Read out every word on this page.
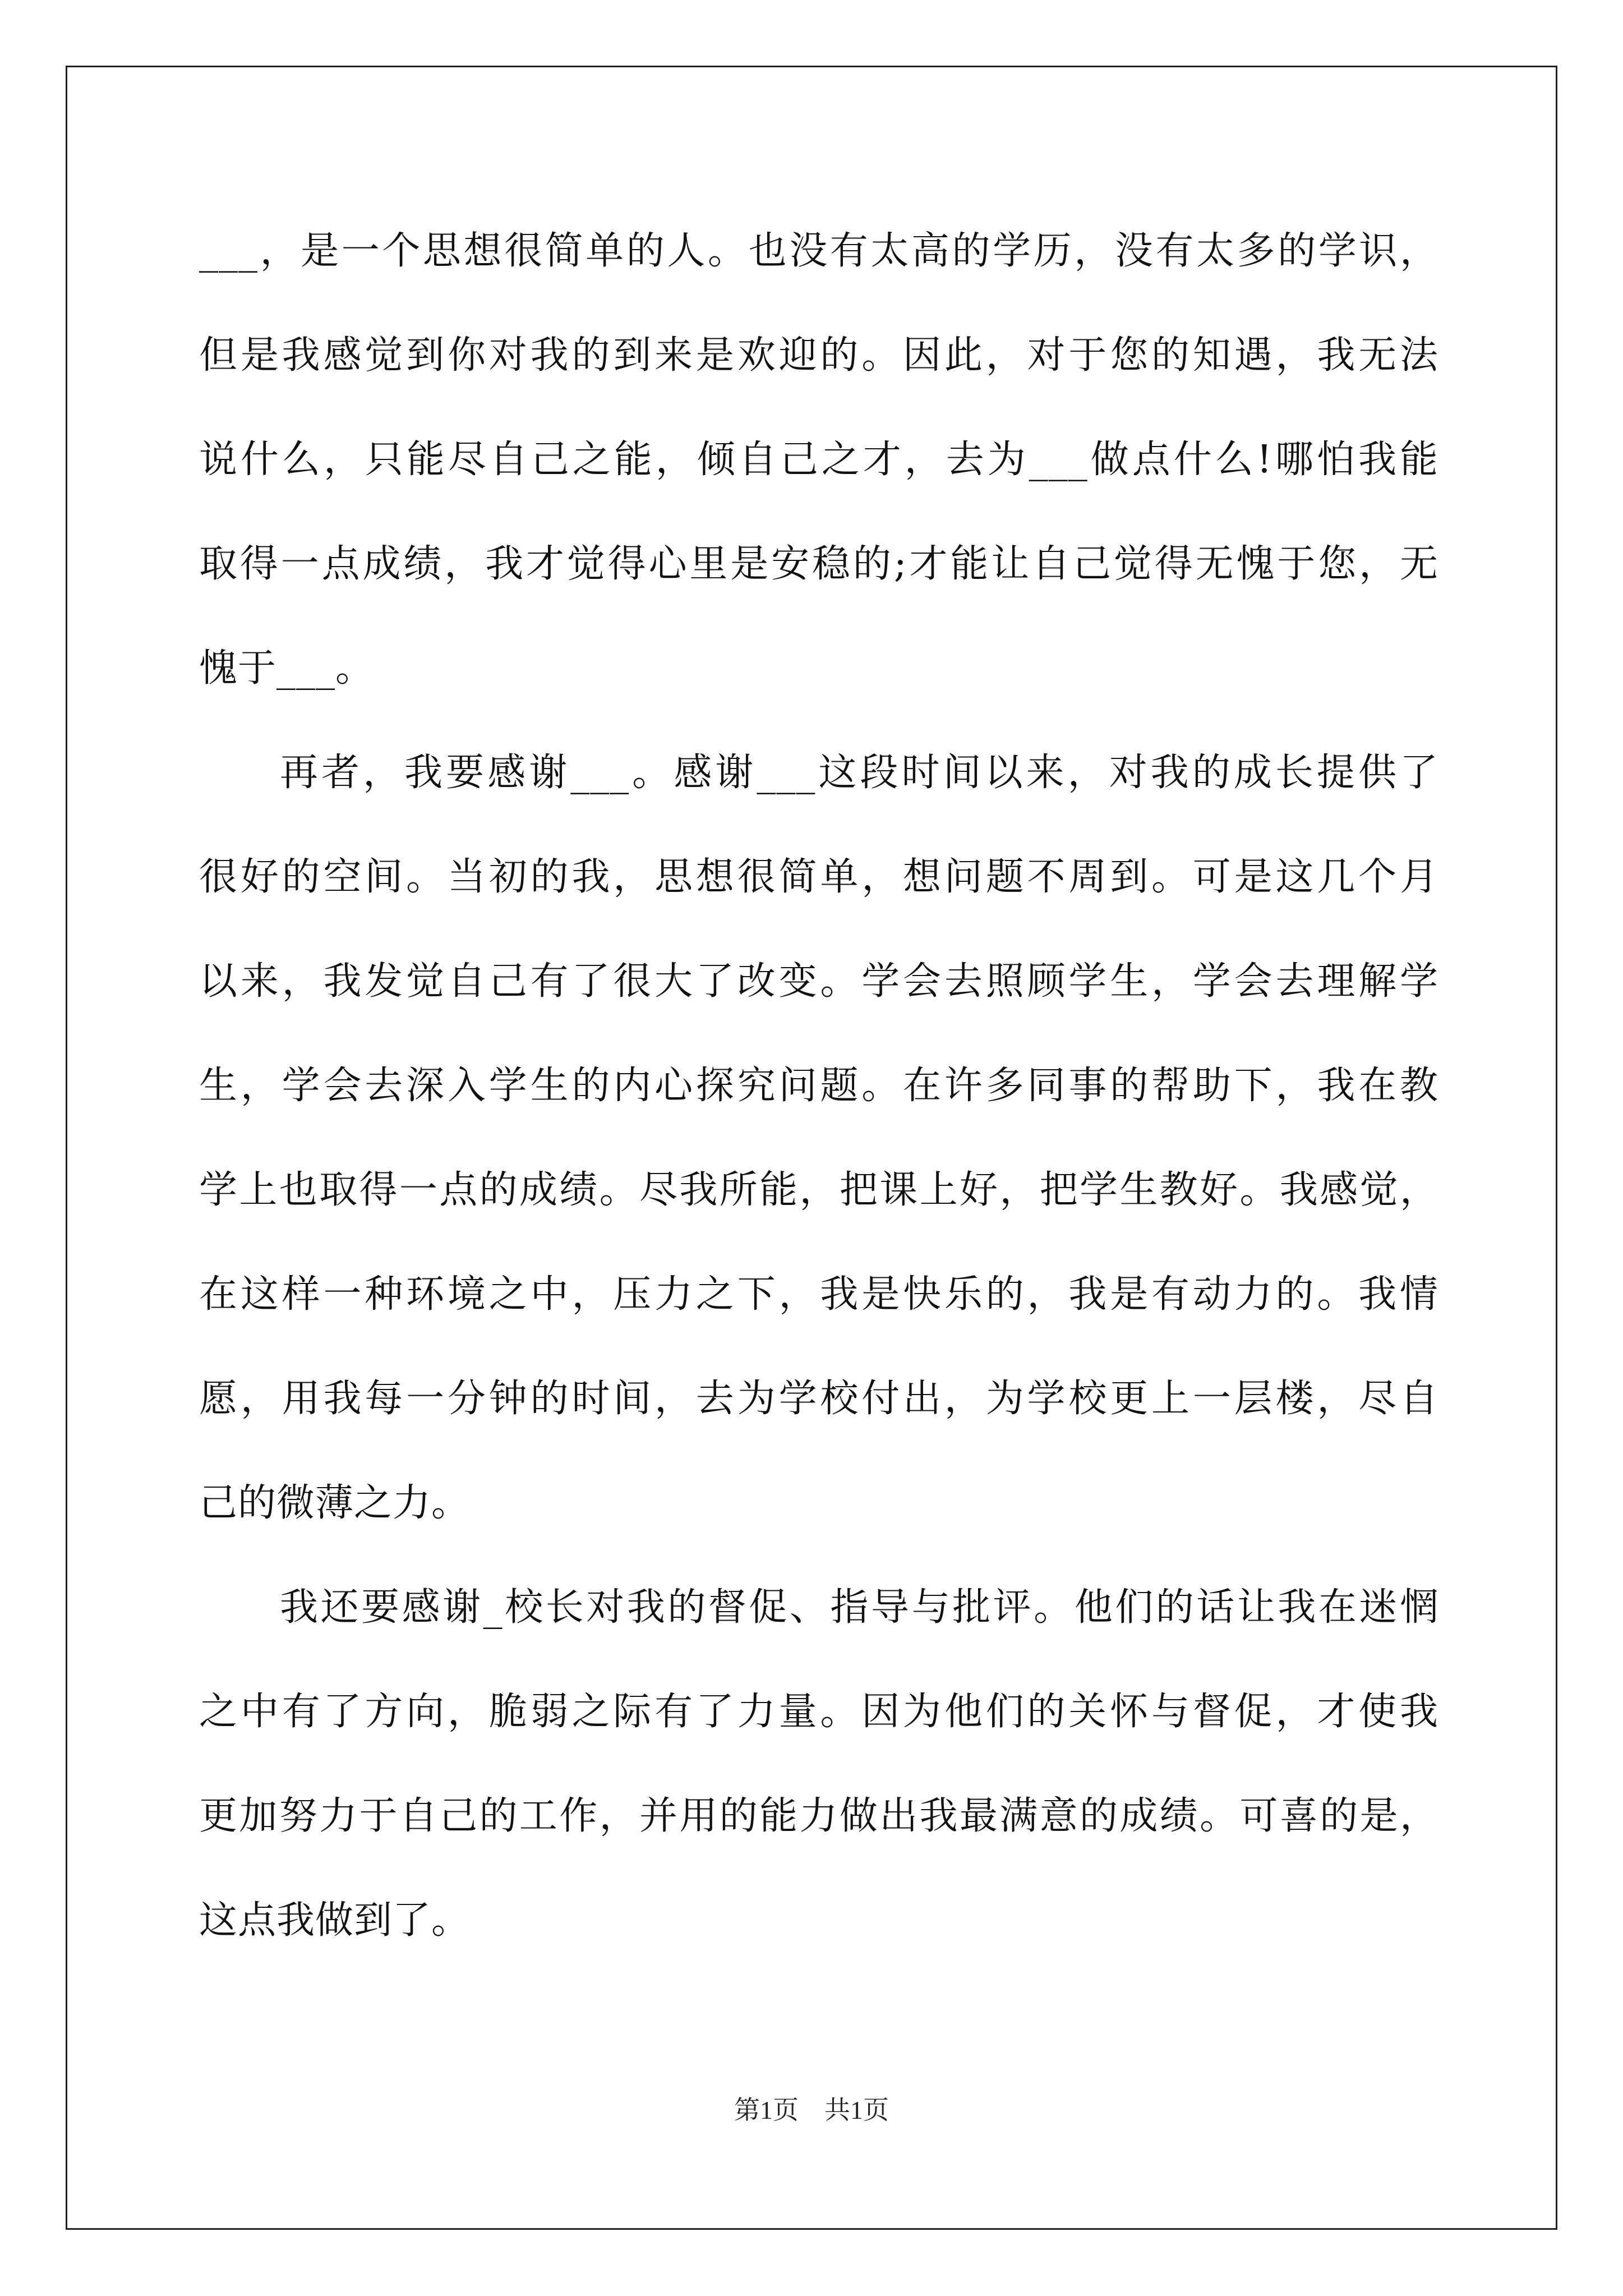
___，是一个思想很简单的人。也没有太高的学历，没有太多的学识，
但是我感觉到你对我的到来是欢迎的。因此，对于您的知遇，我无法
说什么，只能尽自己之能，倾自己之才，去为___做点什么!哪怕我能
取得一点成绩，我才觉得心里是安稳的;才能让自己觉得无愧于您，无
愧于___。
再者，我要感谢___。感谢___这段时间以来，对我的成长提供了
很好的空间。当初的我，思想很简单，想问题不周到。可是这几个月
以来，我发觉自己有了很大了改变。学会去照顾学生，学会去理解学
生，学会去深入学生的内心探究问题。在许多同事的帮助下，我在教
学上也取得一点的成绩。尽我所能，把课上好，把学生教好。我感觉，
在这样一种环境之中，压力之下，我是快乐的，我是有动力的。我情
愿，用我每一分钟的时间，去为学校付出，为学校更上一层楼，尽自
己的微薄之力。
我还要感谢_校长对我的督促、指导与批评。他们的话让我在迷惘
之中有了方向，脆弱之际有了力量。因为他们的关怀与督促，才使我
更加努力于自己的工作，并用的能力做出我最满意的成绩。可喜的是，
这点我做到了。
第1页 共1页
